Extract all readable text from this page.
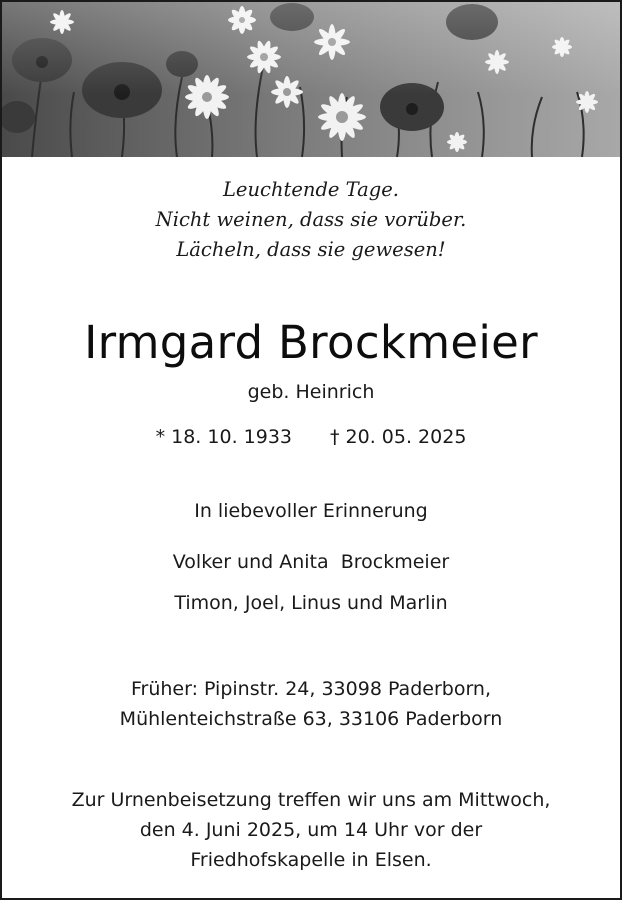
Leuchtende Tage.
Nicht weinen, dass sie vorüber.
Lächeln, dass sie gewesen!
Irmgard Brockmeier
geb. Heinrich
* 18. 10. 1933 † 20. 05. 2025
In liebevoller Erinnerung
Volker und Anita  Brockmeier
Timon, Joel, Linus und Marlin
Früher: Pipinstr. 24, 33098 Paderborn,
Mühlenteichstraße 63, 33106 Paderborn
Zur Urnenbeisetzung treffen wir uns am Mittwoch,
den 4. Juni 2025, um 14 Uhr vor der
Friedhofskapelle in Elsen.
